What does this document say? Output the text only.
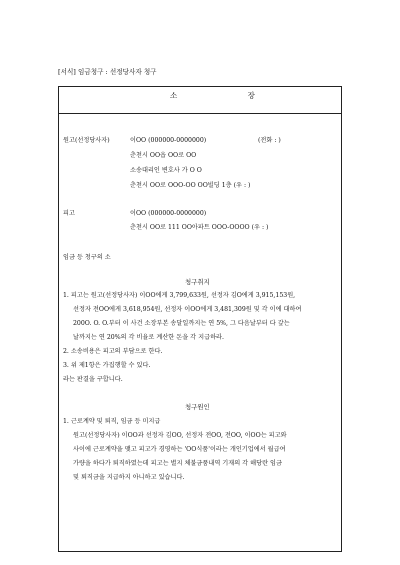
[서식] 임금청구 : 선정당사자 청구
소 장
원고(선정당사자)	이OO (000000-0000000)	(전화 : )
춘천시 OO읍 OO로 OO
소송대리인 변호사 가 O O
춘천시 OO로 OOO-OO OO빌딩 1층 (우 : )
피고	이OO (000000-0000000)
춘천시 OO로 111 OO아파트 OOO-OOOO (우 : )
임금 등 청구의 소
청구취지
1. 피고는 원고(선정당사자) 이OO에게 3,799,633원, 선정자 김O에게 3,915,153원,
선정자 전OO에게 3,618,954원, 선정자 이OO에게 3,481,309원 및 각 이에 대하여
200O. O. O.부터 이 사건 소장부본 송달일까지는 연 5%, 그 다음날부터 다 갚는
날까지는 연 20%의 각 비율로 계산한 돈을 각 지급하라.
2. 소송비용은 피고의 부담으로 한다.
3. 위 제1항은 가집행할 수 있다.
라는 판결을 구합니다.
청구원인
1. 근로계약 및 퇴직, 임금 등 미지급
원고(선정당사자) 이OO과 선정자 김OO, 선정자 전OO, 전OO, 이OO는 피고와
사이에 근로계약을 맺고 피고가 경영하는 'OO식품'이라는 개인기업에서 월급여
가량을 하다가 퇴직하였는데 피고는 별지 체불금품내역 기재의 각 해당란 임금
및 퇴직금을 지급하지 아니하고 있습니다.
